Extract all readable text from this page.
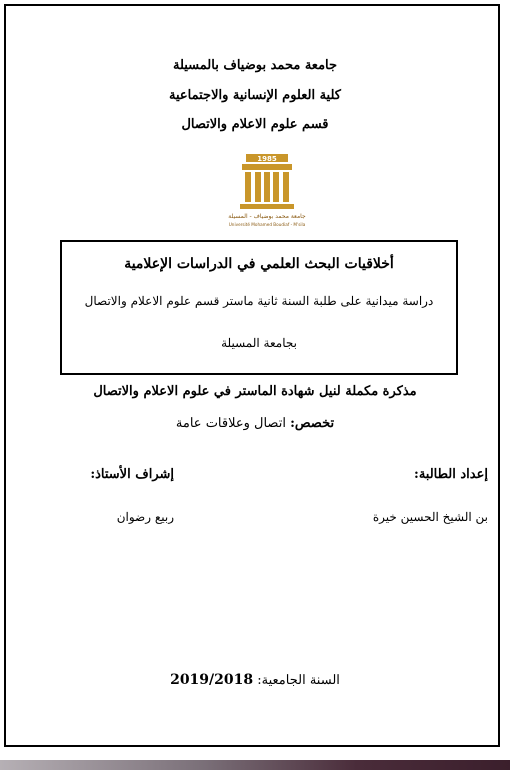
جامعة محمد بوضياف بالمسيلة
كلية العلوم الإنسانية والاجتماعية
قسم علوم الاعلام والاتصال
1985
جامعة محمد بوضياف - المسيلة
Université Mohamed Boudiaf - M'sila
أخلاقيات البحث العلمي في الدراسات الإعلامية
دراسة ميدانية على طلبة السنة ثانية ماستر قسم علوم الاعلام والاتصال
بجامعة المسيلة
مذكرة مكملة لنيل شهادة الماستر في علوم الاعلام والاتصال
تخصص: اتصال وعلاقات عامة
إعداد الطالبة:
بن الشيخ الحسين خيرة
إشراف الأستاذ:
ربيع رضوان
السنة الجامعية: 2019/2018
